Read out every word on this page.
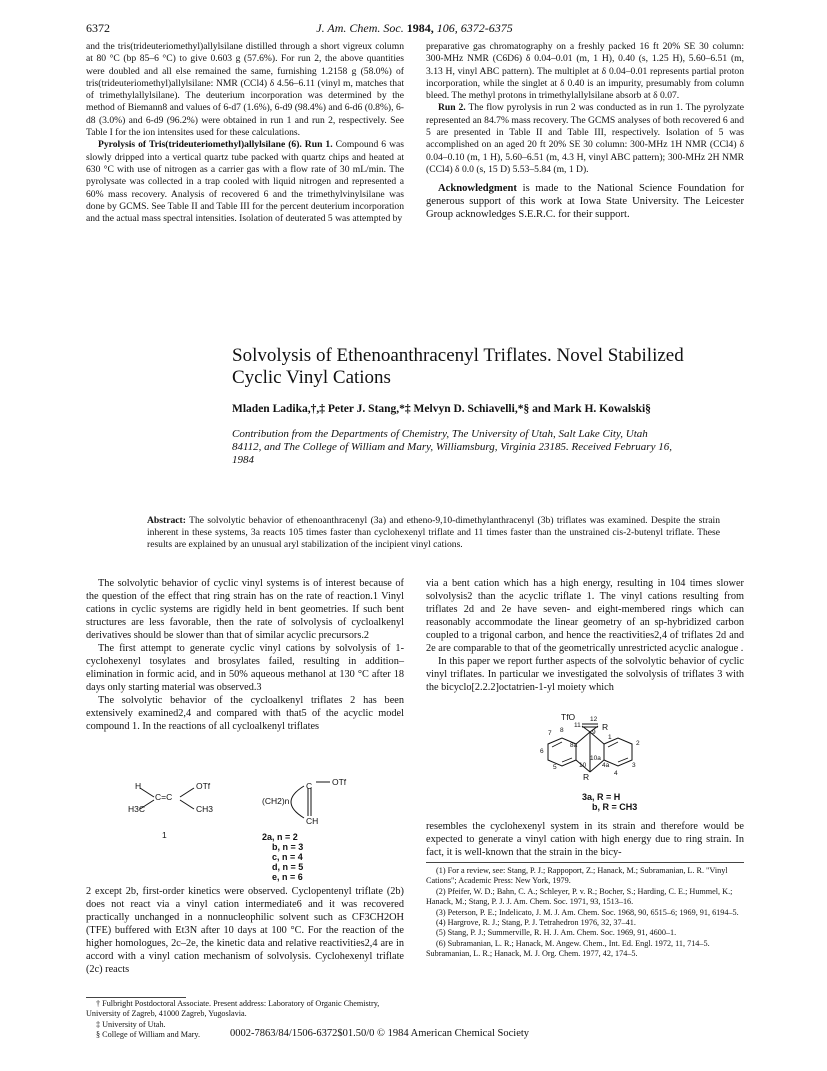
6372	J. Am. Chem. Soc. 1984, 106, 6372-6375

and the tris(trideuteriomethyl)allylsilane distilled through a short vigreux column at 80 °C (bp 85–6 °C) to give 0.603 g (57.6%). For run 2, the above quantities were doubled and all else remained the same, furnishing 1.2158 g (58.0%) of tris(trideuteriomethyl)allylsilane: NMR (CCl4) δ 4.56–6.11 (vinyl m, matches that of trimethylallylsilane). The deuterium incorporation was determined by the method of Biemann8 and values of 6-d7 (1.6%), 6-d9 (98.4%) and 6-d6 (0.8%), 6-d8 (3.0%) and 6-d9 (96.2%) were obtained in run 1 and run 2, respectively. See Table I for the ion intensites used for these calculations.

Pyrolysis of Tris(trideuteriomethyl)allylsilane (6). Run 1. Compound 6 was slowly dripped into a vertical quartz tube packed with quartz chips and heated at 630 °C with use of nitrogen as a carrier gas with a flow rate of 30 mL/min. The pyrolysate was collected in a trap cooled with liquid nitrogen and represented a 60% mass recovery. Analysis of recovered 6 and the trimethylvinylsilane was done by GCMS. See Table II and Table III for the percent deuterium incorporation and the actual mass spectral intensities. Isolation of deuterated 5 was attempted by

preparative gas chromatography on a freshly packed 16 ft 20% SE 30 column: 300-MHz NMR (C6D6) δ 0.04–0.01 (m, 1 H), 0.40 (s, 1.25 H), 5.60–6.51 (m, 3.13 H, vinyl ABC pattern). The multiplet at δ 0.04–0.01 represents partial proton incorporation, while the singlet at δ 0.40 is an impurity, presumably from column bleed. The methyl protons in trimethylallylsilane absorb at δ 0.07.

Run 2. The flow pyrolysis in run 2 was conducted as in run 1. The pyrolyzate represented an 84.7% mass recovery. The GCMS analyses of both recovered 6 and 5 are presented in Table II and Table III, respectively. Isolation of 5 was accomplished on an aged 20 ft 20% SE 30 column: 300-MHz 1H NMR (CCl4) δ 0.04–0.10 (m, 1 H), 5.60–6.51 (m, 4.3 H, vinyl ABC pattern); 300-MHz 2H NMR (CCl4) δ 0.0 (s, 15 D) 5.53–5.84 (m, 1 D).

Acknowledgment is made to the National Science Foundation for generous support of this work at Iowa State University. The Leicester Group acknowledges S.E.R.C. for their support.

Solvolysis of Ethenoanthracenyl Triflates. Novel Stabilized
Cyclic Vinyl Cations
Mladen Ladika,†,‡ Peter J. Stang,*‡ Melvyn D. Schiavelli,*§ and Mark H. Kowalski§
Contribution from the Departments of Chemistry, The University of Utah, Salt Lake City, Utah 84112, and The College of William and Mary, Williamsburg, Virginia 23185. Received February 16, 1984
Abstract: The solvolytic behavior of ethenoanthracenyl (3a) and etheno-9,10-dimethylanthracenyl (3b) triflates was examined. Despite the strain inherent in these systems, 3a reacts 105 times faster than cyclohexenyl triflate and 11 times faster than the unstrained cis-2-butenyl triflate. These results are explained by an unusual aryl stabilization of the incipient vinyl cations.

The solvolytic behavior of cyclic vinyl systems is of interest because of the question of the effect that ring strain has on the rate of reaction.1 Vinyl cations in cyclic systems are rigidly held in bent geometries. If such bent structures are less favorable, then the rate of solvolysis of cycloalkenyl derivatives should be slower than that of similar acyclic precursors.2

The first attempt to generate cyclic vinyl cations by solvolysis of 1-cyclohexenyl tosylates and brosylates failed, resulting in addition–elimination in formic acid, and in 50% aqueous methanol at 130 °C after 18 days only starting material was observed.3

The solvolytic behavior of the cycloalkenyl triflates 2 has been extensively examined2,4 and compared with that5 of the acyclic model compound 1. In the reactions of all cycloalkenyl triflates

H
H3C
C=C
OTf
CH3
1
OTf
C
(CH2)n
CH
2a, n = 2
b, n = 3
c, n = 4
d, n = 5
e, n = 6

2 except 2b, first-order kinetics were observed. Cyclopentenyl triflate (2b) does not react via a vinyl cation intermediate6 and it was recovered practically unchanged in a nonnucleophilic solvent such as CF3CH2OH (TFE) buffered with Et3N after 10 days at 100 °C. For the reaction of the higher homologues, 2c–2e, the kinetic data and relative reactivities2,4 are in accord with a vinyl cation mechanism of solvolysis. Cyclohexenyl triflate (2c) reacts

† Fulbright Postdoctoral Associate. Present address: Laboratory of Organic Chemistry, University of Zagreb, 41000 Zagreb, Yugoslavia.

‡ University of Utah.

§ College of William and Mary.

via a bent cation which has a high energy, resulting in 104 times slower solvolysis2 than the acyclic triflate 1. The vinyl cations resulting from triflates 2d and 2e have seven- and eight-membered rings which can reasonably accommodate the linear geometry of an sp-hybridized carbon coupled to a trigonal carbon, and hence the reactivities2,4 of triflates 2d and 2e are comparable to that of the geometrically unrestricted acyclic analogue .

In this paper we report further aspects of the solvolytic behavior of cyclic vinyl triflates. In particular we investigated the solvolysis of triflates 3 with the bicyclo[2.2.2]octatrien-1-yl moiety which

TfO
R
R
12
11
9
1
2
3
4
4a
10
10a
5
6
7 8
8a
3a, R = H
b, R = CH3

resembles the cyclohexenyl system in its strain and therefore would be expected to generate a vinyl cation with high energy due to ring strain. In fact, it is well-known that the strain in the bicy-

(1) For a review, see: Stang, P. J.; Rappoport, Z.; Hanack, M.; Subramanian, L. R. "Vinyl Cations"; Academic Press: New York, 1979.

(2) Pfeifer, W. D.; Bahn, C. A.; Schleyer, P. v. R.; Bocher, S.; Harding, C. E.; Hummel, K.; Hanack, M.; Stang, P. J. J. Am. Chem. Soc. 1971, 93, 1513–16.

(3) Peterson, P. E.; Indelicato, J. M. J. Am. Chem. Soc. 1968, 90, 6515–6; 1969, 91, 6194–5.

(4) Hargrove, R. J.; Stang, P. J. Tetrahedron 1976, 32, 37–41.

(5) Stang, P. J.; Summerville, R. H. J. Am. Chem. Soc. 1969, 91, 4600–1.

(6) Subramanian, L. R.; Hanack, M. Angew. Chem., Int. Ed. Engl. 1972, 11, 714–5. Subramanian, L. R.; Hanack, M. J. Org. Chem. 1977, 42, 174–5.

0002-7863/84/1506-6372$01.50/0 © 1984 American Chemical Society
